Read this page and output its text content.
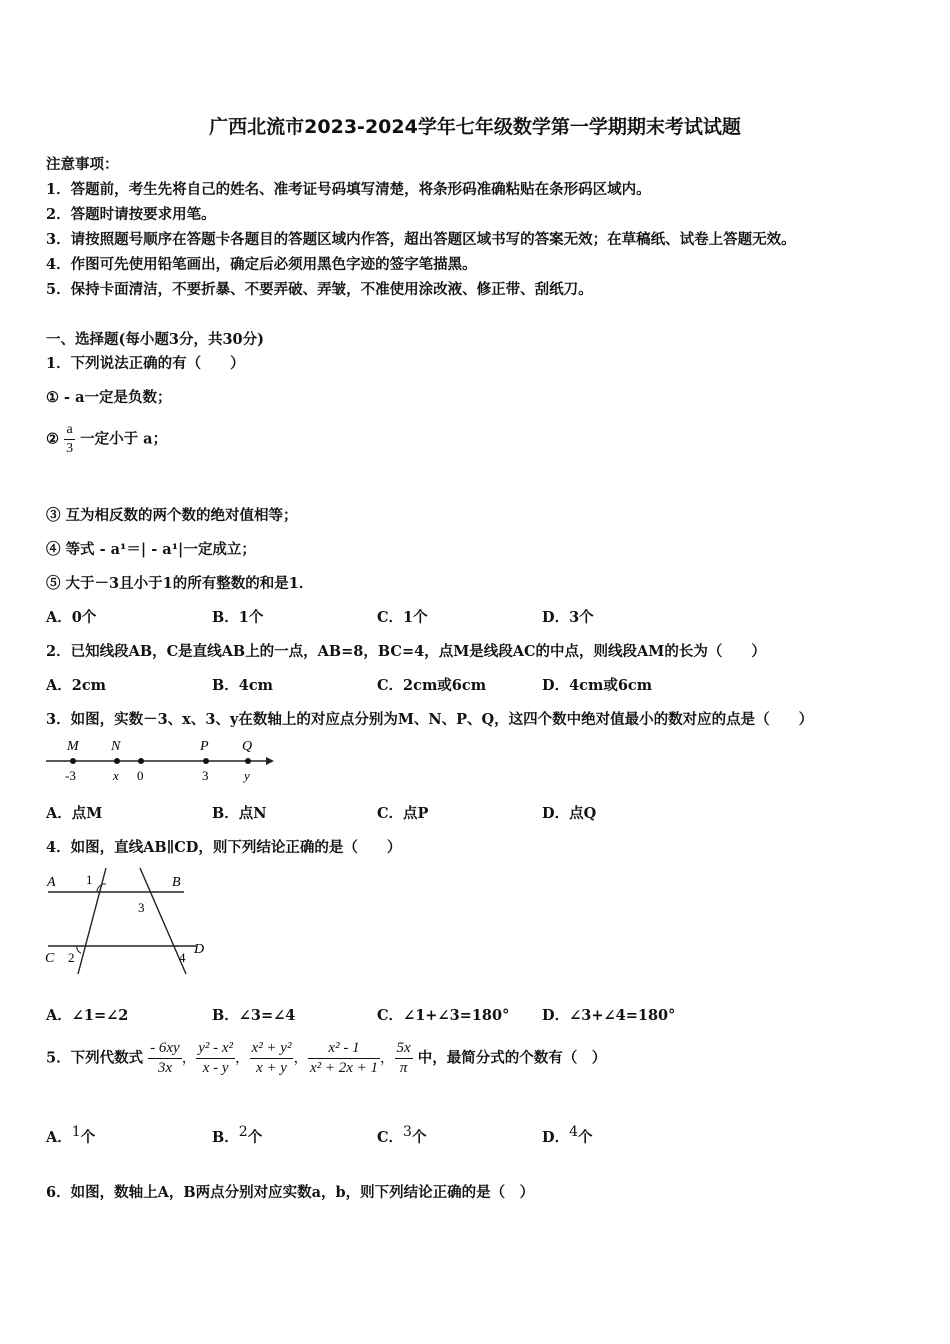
广西北流市2023-2024学年七年级数学第一学期期末考试试题
注意事项：
1．答题前，考生先将自己的姓名、准考证号码填写清楚，将条形码准确粘贴在条形码区域内。
2．答题时请按要求用笔。
3．请按照题号顺序在答题卡各题目的答题区域内作答，超出答题区域书写的答案无效；在草稿纸、试卷上答题无效。
4．作图可先使用铅笔画出，确定后必须用黑色字迹的签字笔描黑。
5．保持卡面清洁，不要折暴、不要弄破、弄皱，不准使用涂改液、修正带、刮纸刀。
一、选择题(每小题3分，共30分)
1．下列说法正确的有（　　）
① - a一定是负数；
② $\frac{a}{3}$ 一定小于 a；
③ 互为相反数的两个数的绝对值相等；
④ 等式 - a¹＝| - a¹|一定成立；
⑤ 大于－3且小于1的所有整数的和是1．
A．0个	B．1个	C．1个	D．3个
2．已知线段AB，C是直线AB上的一点，AB=8，BC=4，点M是线段AC的中点，则线段AM的长为（　　）
A．2cm	B．4cm	C．2cm或6cm	D．4cm或6cm
3．如图，实数－3、x、3、y在数轴上的对应点分别为M、N、P、Q，这四个数中绝对值最小的数对应的点是（　　）
M N	P Q
-3	x 0	3	y
A．点M	B．点N	C．点P	D．点Q
4．如图，直线AB∥CD，则下列结论正确的是（　　）
A	B
C
D
1
2
3
4
A．∠1=∠2	B．∠3=∠4	C．∠1+∠3=180° D．∠3+∠4=180°
5．下列代数式 $\frac{- 6xy}{3x}$ ， $\frac{\text{y² - x²}}{x - y}$ ， $\frac{\text{x² + y²}}{x + y}$ ， $\frac{\text{x² - 1}}{\text{x² + 2x + 1}}$ ， $\frac{5x}{\pi}$ 中，最简分式的个数有（　）
A．$^1$个	B．$^2$个	C．$^3$个	D．$^4$个
6．如图，数轴上A，B两点分别对应实数a，b，则下列结论正确的是（　）
